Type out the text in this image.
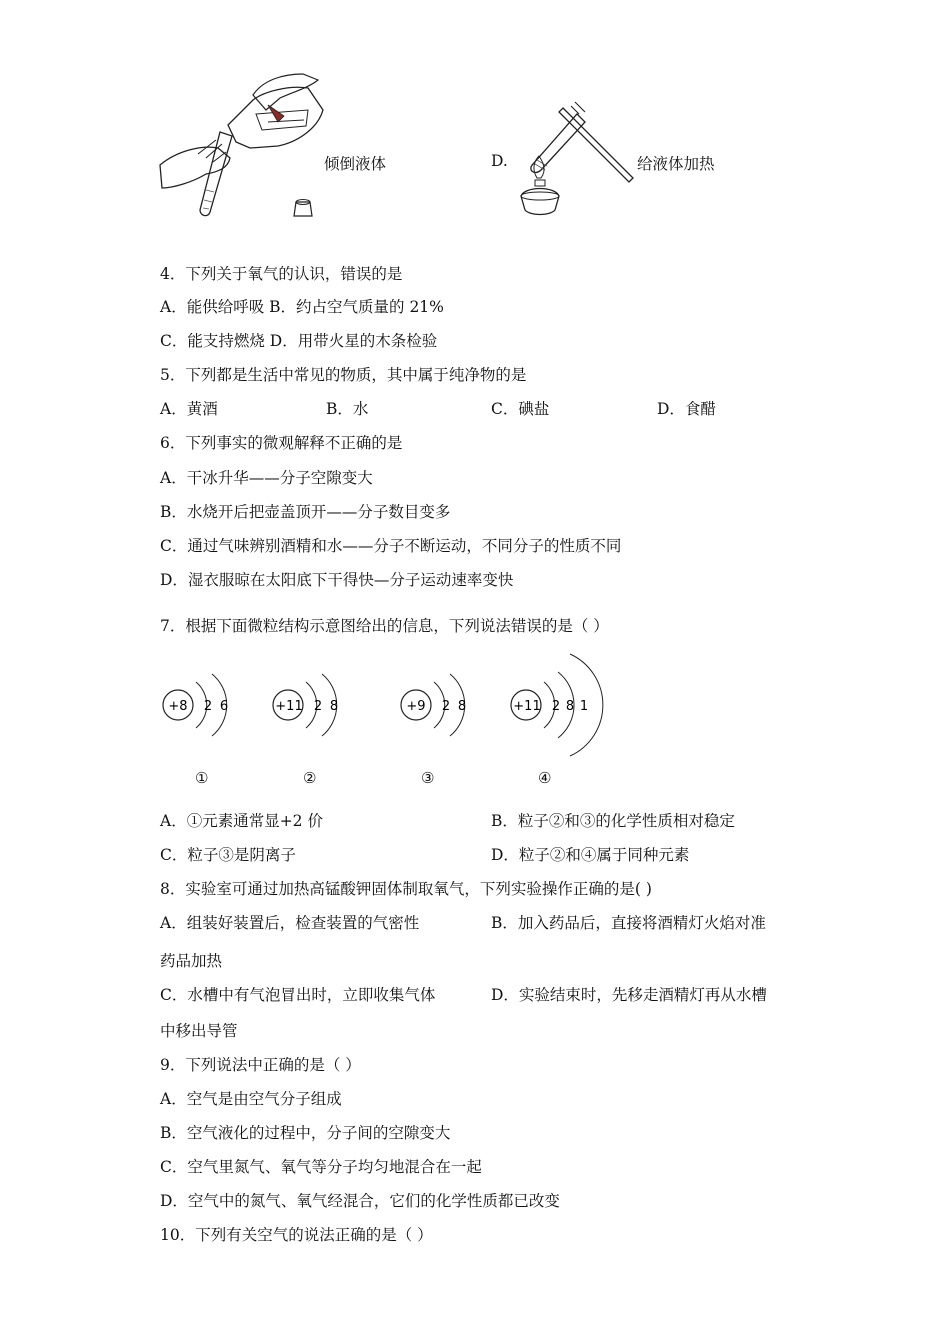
倾倒液体	D.	给液体加热
4．下列关于氧气的认识，错误的是
A．能供给呼吸 B．约占空气质量的 21%
C．能支持燃烧 D．用带火星的木条检验
5．下列都是生活中常见的物质，其中属于纯净物的是
A．黄酒	B．水	C．碘盐	D．食醋
6．下列事实的微观解释不正确的是
A．干冰升华——分子空隙变大
B．水烧开后把壶盖顶开——分子数目变多
C．通过气味辨别酒精和水——分子不断运动，不同分子的性质不同
D．湿衣服晾在太阳底下干得快—分子运动速率变快
7．根据下面微粒结构示意图给出的信息，下列说法错误的是（ ）
+8 2 6	+11 2 8	+9 2 8	+11 2 8 1
①	②	③	④
A．①元素通常显+2 价	B．粒子②和③的化学性质相对稳定
C．粒子③是阴离子	D．粒子②和④属于同种元素
8．实验室可通过加热高锰酸钾固体制取氧气，下列实验操作正确的是( )
A．组装好装置后，检查装置的气密性	B．加入药品后，直接将酒精灯火焰对准
药品加热
C．水槽中有气泡冒出时，立即收集气体	D．实验结束时，先移走酒精灯再从水槽
中移出导管
9．下列说法中正确的是（ ）
A．空气是由空气分子组成
B．空气液化的过程中，分子间的空隙变大
C．空气里氮气、氧气等分子均匀地混合在一起
D．空气中的氮气、氧气经混合，它们的化学性质都已改变
10．下列有关空气的说法正确的是（ ）
